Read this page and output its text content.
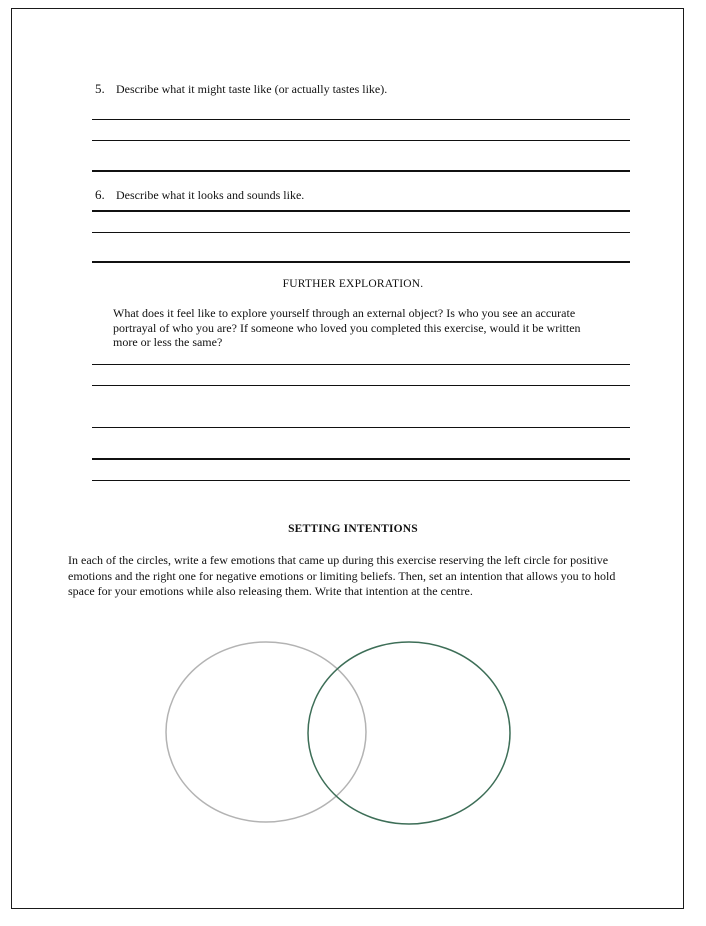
5. Describe what it might taste like (or actually tastes like).
6. Describe what it looks and sounds like.
FURTHER EXPLORATION.
What does it feel like to explore yourself through an external object? Is who you see an accurate portrayal of who you are? If someone who loved you completed this exercise, would it be written more or less the same?
SETTING INTENTIONS
In each of the circles, write a few emotions that came up during this exercise reserving the left circle for positive emotions and the right one for negative emotions or limiting beliefs. Then, set an intention that allows you to hold space for your emotions while also releasing them. Write that intention at the centre.
